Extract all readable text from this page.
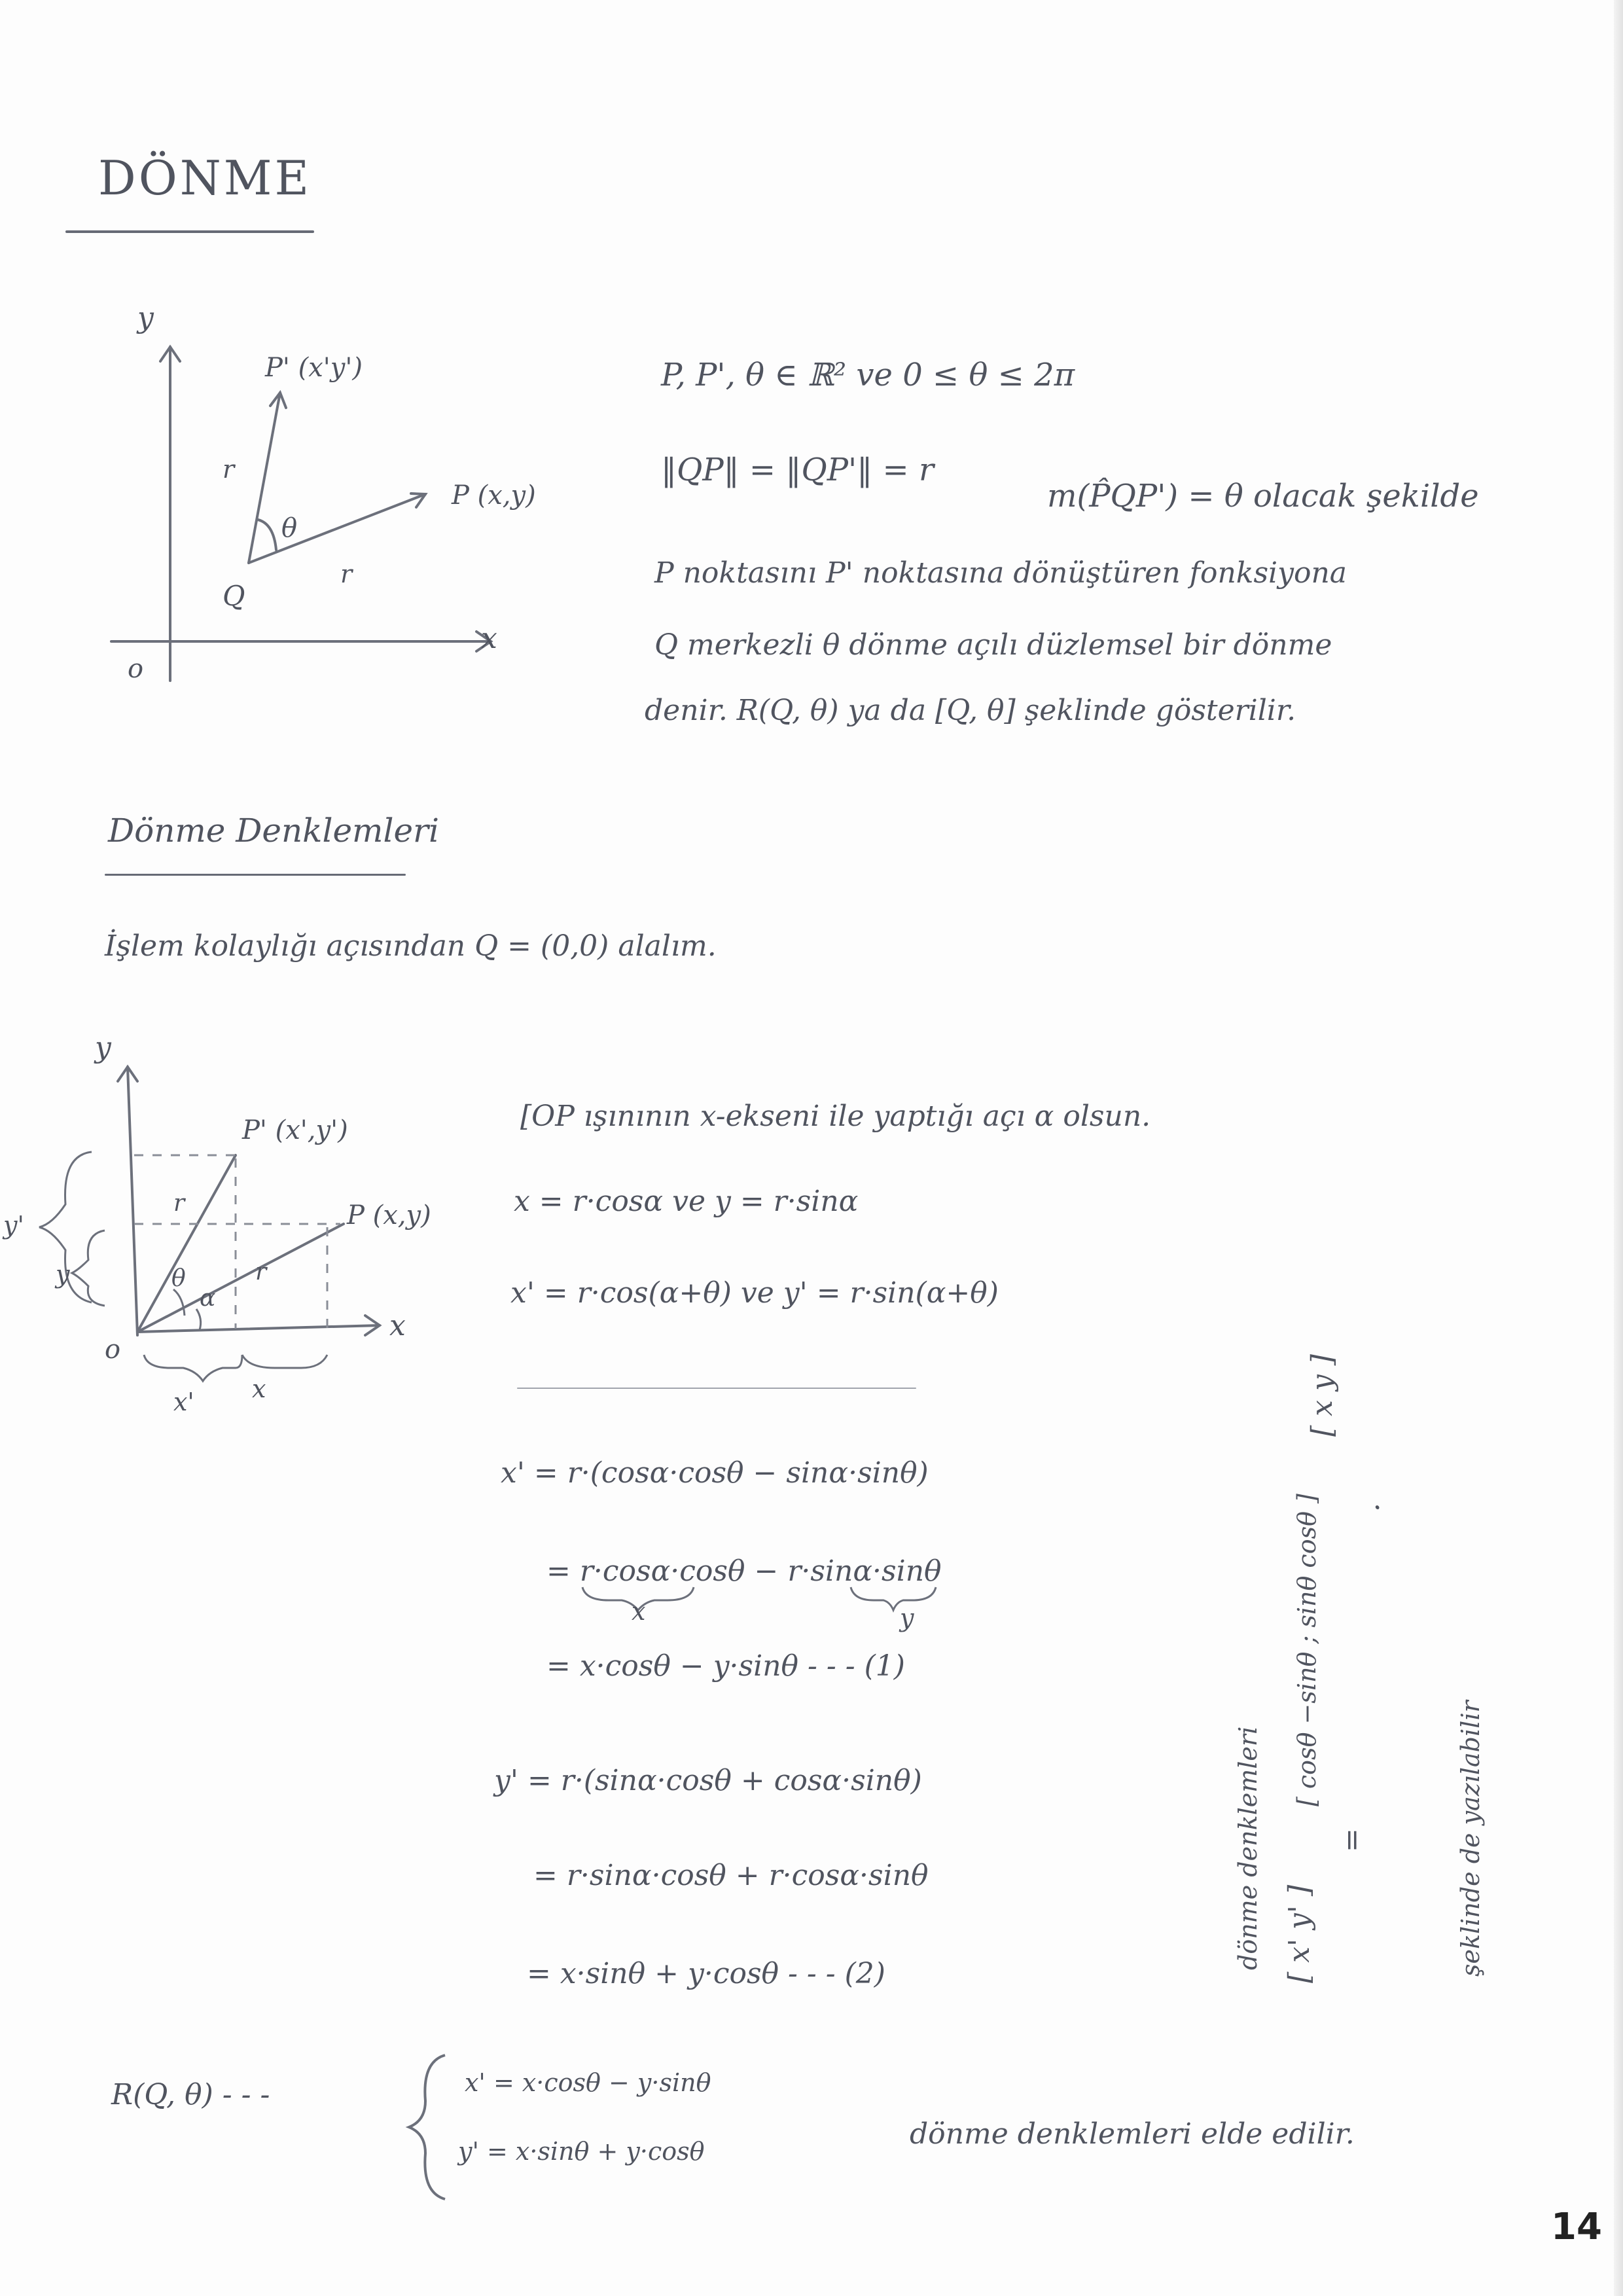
DÖNME
y
x
o
P' (x'y')
P (x,y)
Q
r
r
θ
P, P', θ ∈ ℝ² ve 0 ≤ θ ≤ 2π
‖QP‖ = ‖QP'‖ = r
m(P̂QP') = θ olacak şekilde
P noktasını P' noktasına dönüştüren fonksiyona
Q merkezli θ dönme açılı düzlemsel bir dönme
denir. R(Q, θ) ya da [Q, θ] şeklinde gösterilir.
Dönme Denklemleri
İşlem kolaylığı açısından Q = (0,0) alalım.
y
x
o
P' (x',y')
P (x,y)
y'
y
x' x
r
r
θ
α
[OP ışınının x-ekseni ile yaptığı açı α olsun.
x = r·cosα ve y = r·sinα
x' = r·cos(α+θ) ve y' = r·sin(α+θ)
x' = r·(cosα·cosθ − sinα·sinθ)
= r·cosα·cosθ − r·sinα·sinθ
x	y
= x·cosθ − y·sinθ - - - (1)
y' = r·(sinα·cosθ + cosα·sinθ)
= r·sinα·cosθ + r·cosα·sinθ
= x·sinθ + y·cosθ - - - (2)	[ x' y' ]
=
[ cosθ −sinθ ; sinθ cosθ ] ·
[ x y ]
dönme denklemleri	şeklinde de yazılabilir
R(Q, θ) - - -	x' = x·cosθ − y·sinθ
y' = x·sinθ + y·cosθ
dönme denklemleri elde edilir.
14
